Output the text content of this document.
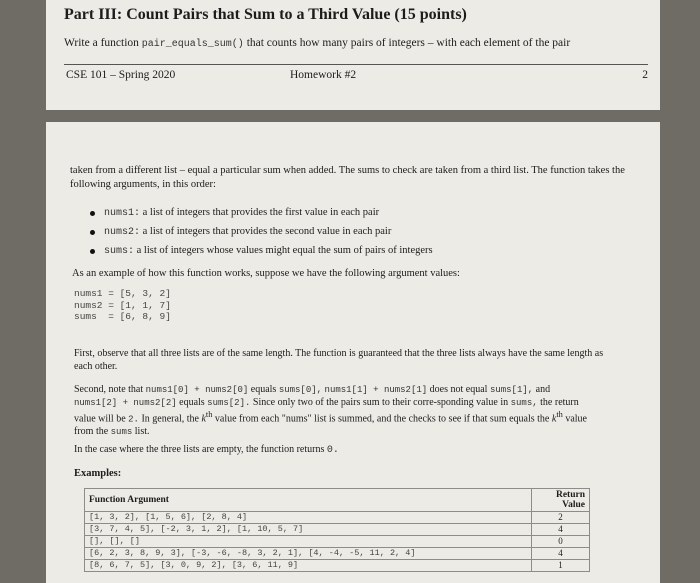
Part III: Count Pairs that Sum to a Third Value (15 points)
Write a function pair_equals_sum() that counts how many pairs of integers – with each element of the pair
CSE 101 – Spring 2020	Homework #2	2
taken from a different list – equal a particular sum when added. The sums to check are taken from a third list. The function takes the following arguments, in this order:
nums1: a list of integers that provides the first value in each pair
nums2: a list of integers that provides the second value in each pair
sums: a list of integers whose values might equal the sum of pairs of integers
As an example of how this function works, suppose we have the following argument values:
nums1 = [5, 3, 2]
nums2 = [1, 1, 7]
sums  = [6, 8, 9]
First, observe that all three lists are of the same length. The function is guaranteed that the three lists always have the same length as each other.
Second, note that nums1[0] + nums2[0] equals sums[0], nums1[1] + nums2[1] does not equal sums[1], and nums1[2] + nums2[2] equals sums[2]. Since only two of the pairs sum to their corre-sponding value in sums, the return value will be 2. In general, the $k^{th}$ value from each "nums" list is summed, and the checks to see if that sum equals the $k^{th}$ value from the sums list.
In the case where the three lists are empty, the function returns 0.
Examples:
Function Argument	Return Value
[1, 3, 2], [1, 5, 6], [2, 8, 4]	2
[3, 7, 4, 5], [-2, 3, 1, 2], [1, 10, 5, 7]	4
[], [], []	0
[6, 2, 3, 8, 9, 3], [-3, -6, -8, 3, 2, 1], [4, -4, -5, 11, 2, 4]	4
[8, 6, 7, 5], [3, 0, 9, 2], [3, 6, 11, 9]	1
